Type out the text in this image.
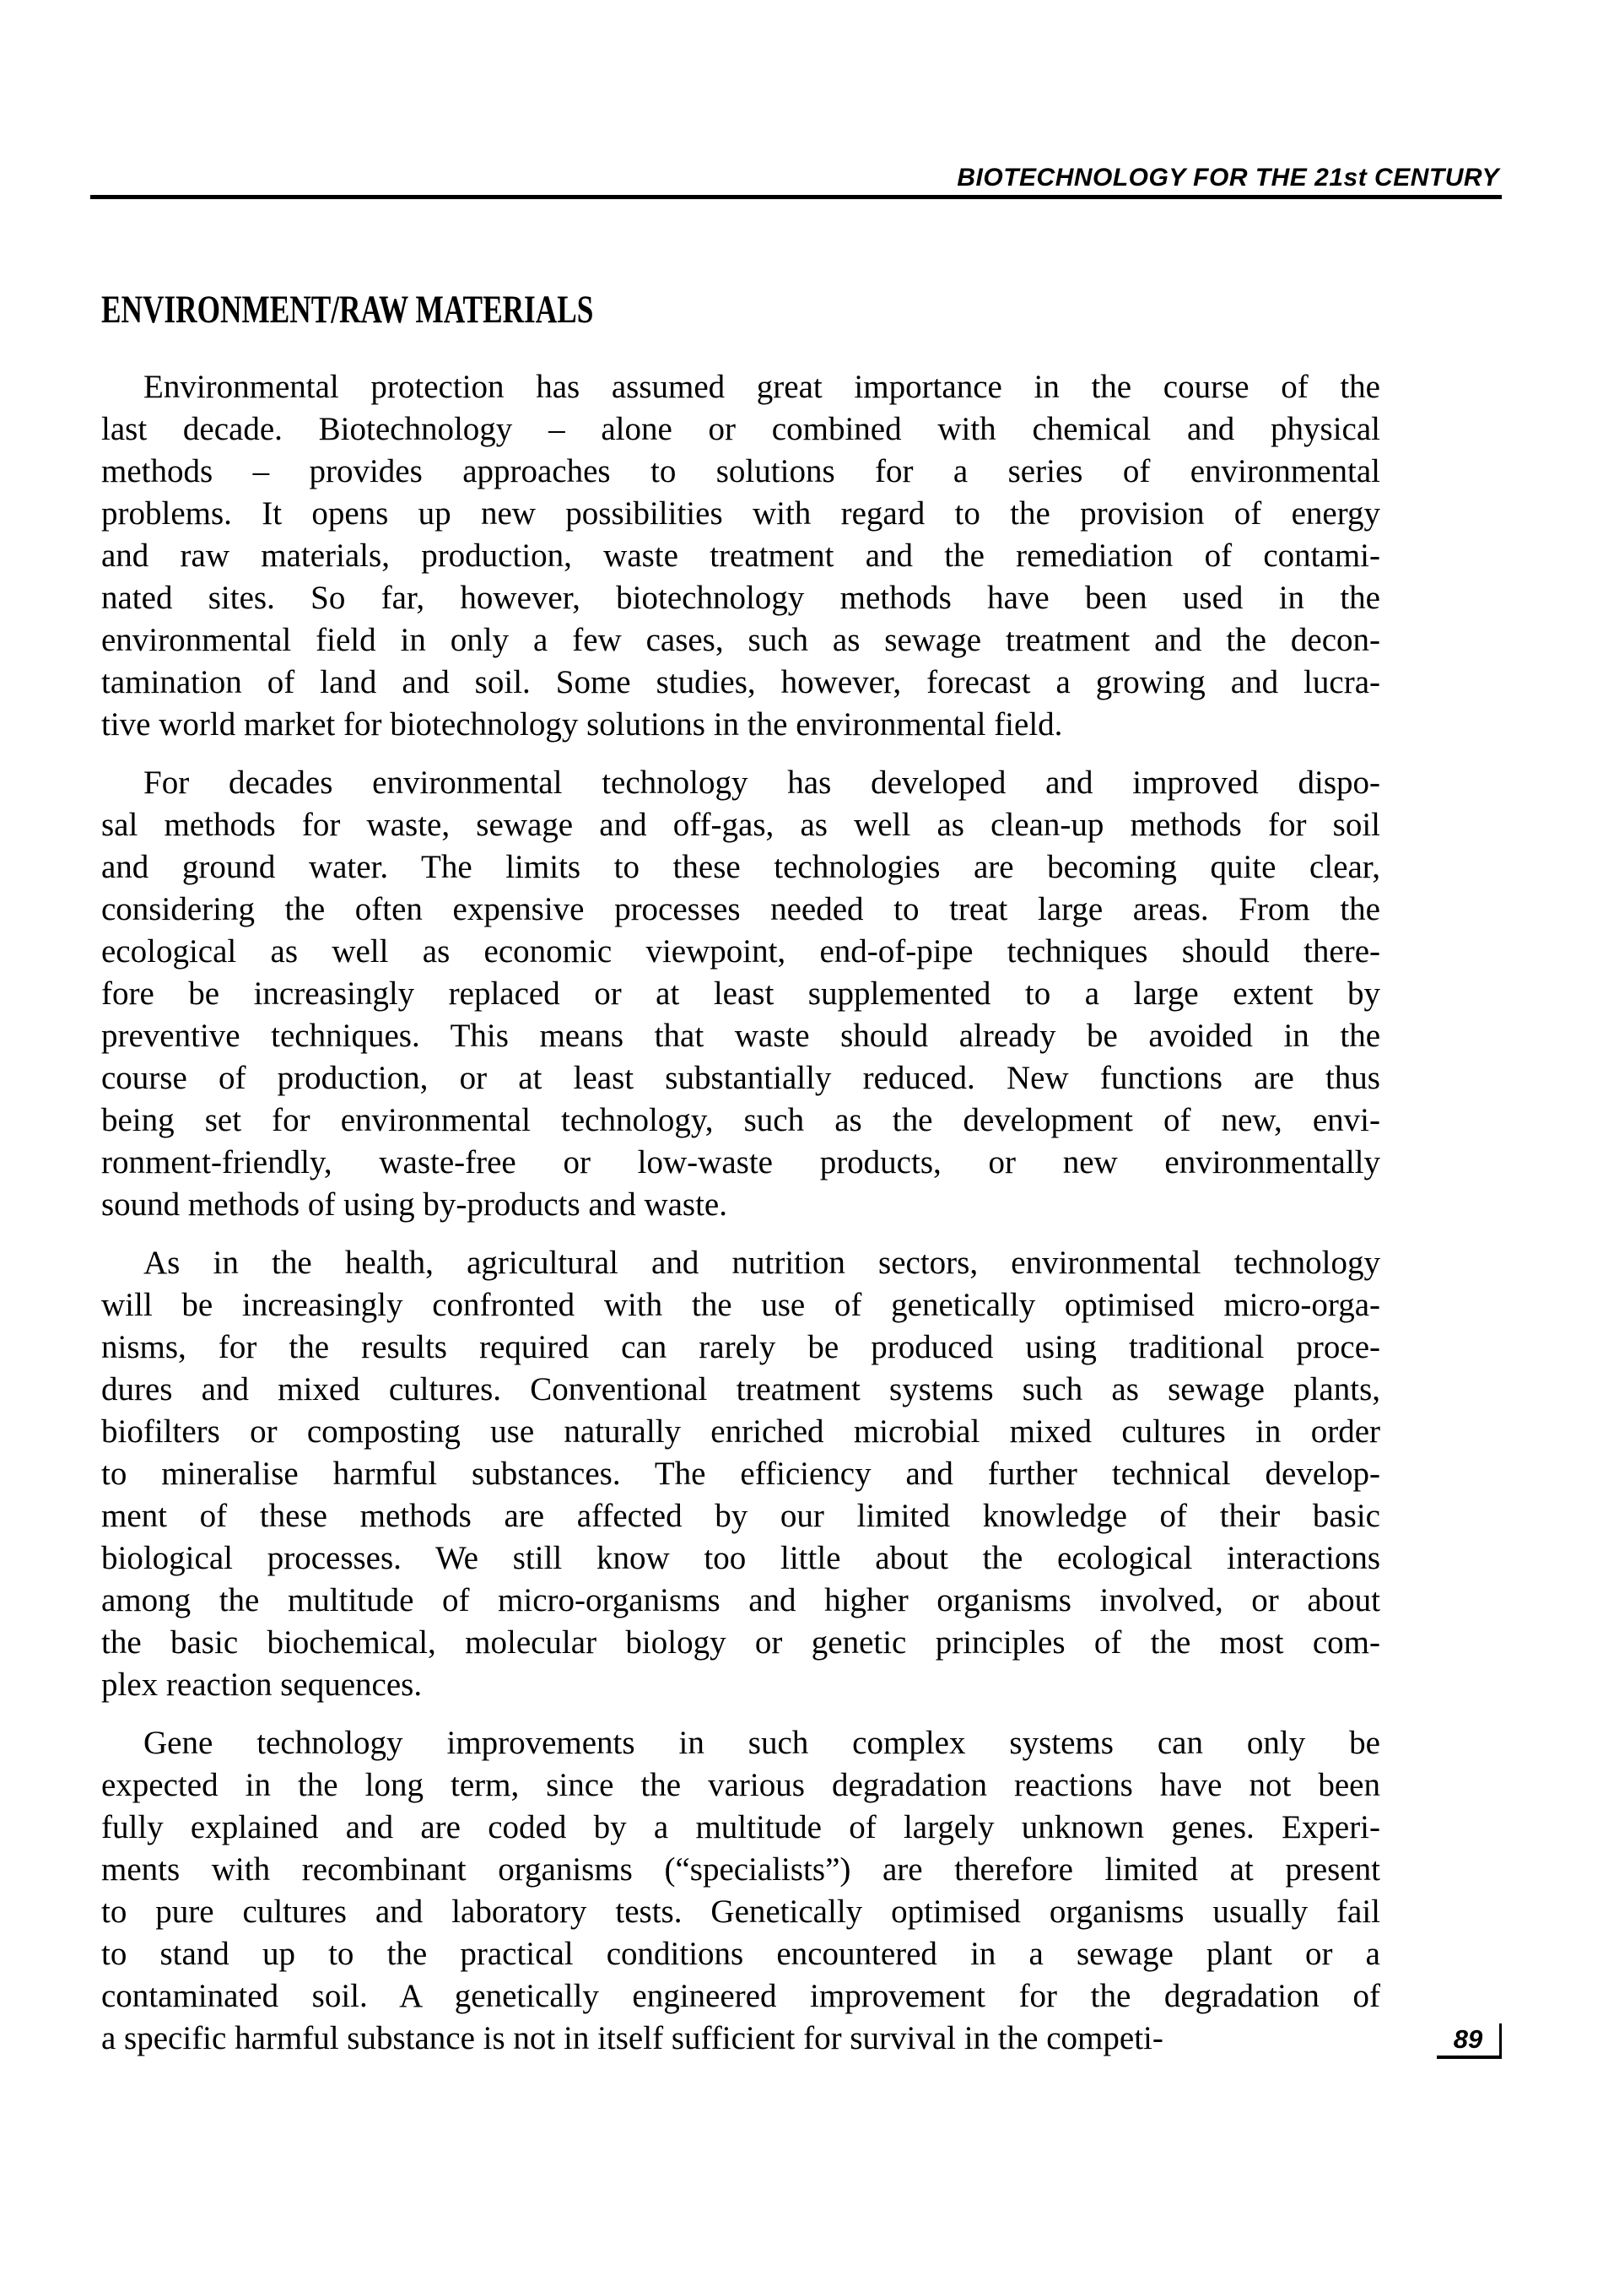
BIOTECHNOLOGY FOR THE 21st CENTURY
ENVIRONMENT/RAW MATERIALS
Environmental protection has assumed great importance in the course of the
last decade. Biotechnology – alone or combined with chemical and physical
methods – provides approaches to solutions for a series of environmental
problems. It opens up new possibilities with regard to the provision of energy
and raw materials, production, waste treatment and the remediation of contami-
nated sites. So far, however, biotechnology methods have been used in the
environmental field in only a few cases, such as sewage treatment and the decon-
tamination of land and soil. Some studies, however, forecast a growing and lucra-
tive world market for biotechnology solutions in the environmental field.
For decades environmental technology has developed and improved dispo-
sal methods for waste, sewage and off-gas, as well as clean-up methods for soil
and ground water. The limits to these technologies are becoming quite clear,
considering the often expensive processes needed to treat large areas. From the
ecological as well as economic viewpoint, end-of-pipe techniques should there-
fore be increasingly replaced or at least supplemented to a large extent by
preventive techniques. This means that waste should already be avoided in the
course of production, or at least substantially reduced. New functions are thus
being set for environmental technology, such as the development of new, envi-
ronment-friendly, waste-free or low-waste products, or new environmentally
sound methods of using by-products and waste.
As in the health, agricultural and nutrition sectors, environmental technology
will be increasingly confronted with the use of genetically optimised micro-orga-
nisms, for the results required can rarely be produced using traditional proce-
dures and mixed cultures. Conventional treatment systems such as sewage plants,
biofilters or composting use naturally enriched microbial mixed cultures in order
to mineralise harmful substances. The efficiency and further technical develop-
ment of these methods are affected by our limited knowledge of their basic
biological processes. We still know too little about the ecological interactions
among the multitude of micro-organisms and higher organisms involved, or about
the basic biochemical, molecular biology or genetic principles of the most com-
plex reaction sequences.
Gene technology improvements in such complex systems can only be
expected in the long term, since the various degradation reactions have not been
fully explained and are coded by a multitude of largely unknown genes. Experi-
ments with recombinant organisms (“specialists”) are therefore limited at present
to pure cultures and laboratory tests. Genetically optimised organisms usually fail
to stand up to the practical conditions encountered in a sewage plant or a
contaminated soil. A genetically engineered improvement for the degradation of
a specific harmful substance is not in itself sufficient for survival in the competi-	89
